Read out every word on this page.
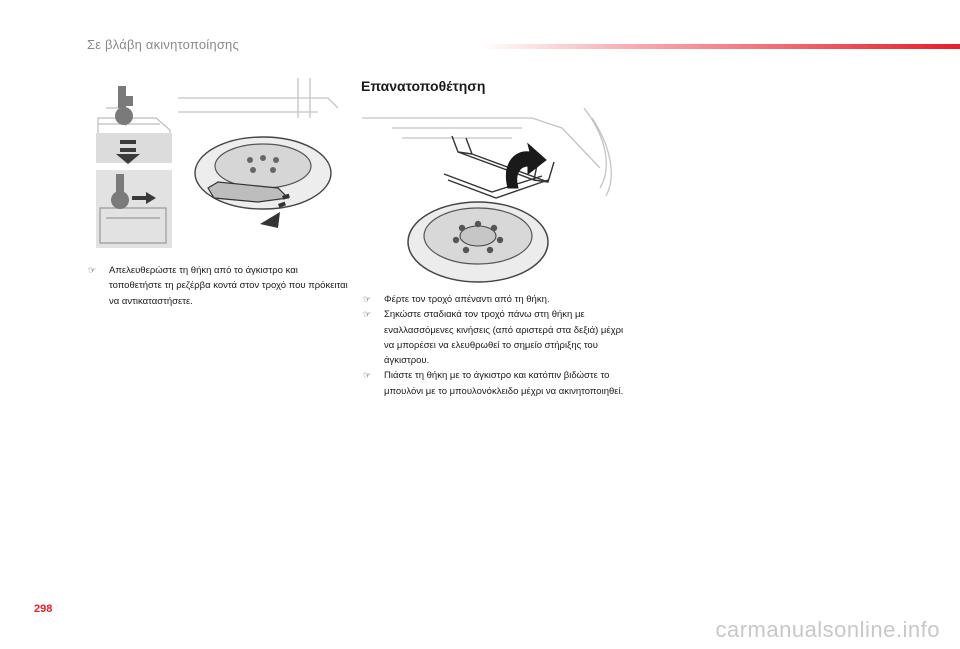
Σε βλάβη ακινητοποίησης
☞ Απελευθερώστε τη θήκη από το άγκιστρο και τοποθετήστε τη ρεζέρβα κοντά στον τροχό που πρόκειται να αντικαταστήσετε.
Επανατοποθέτηση
☞ Φέρτε τον τροχό απέναντι από τη θήκη.
☞ Σηκώστε σταδιακά τον τροχό πάνω στη θήκη με εναλλασσόμενες κινήσεις (από αριστερά στα δεξιά) μέχρι να μπορέσει να ελευθρωθεί το σημείο στήριξης του άγκιστρου.
☞ Πιάστε τη θήκη με το άγκιστρο και κατόπιν βιδώστε το μπουλόνι με το μπουλονόκλειδο μέχρι να ακινητοποιηθεί.
298
carmanualsonline.info
